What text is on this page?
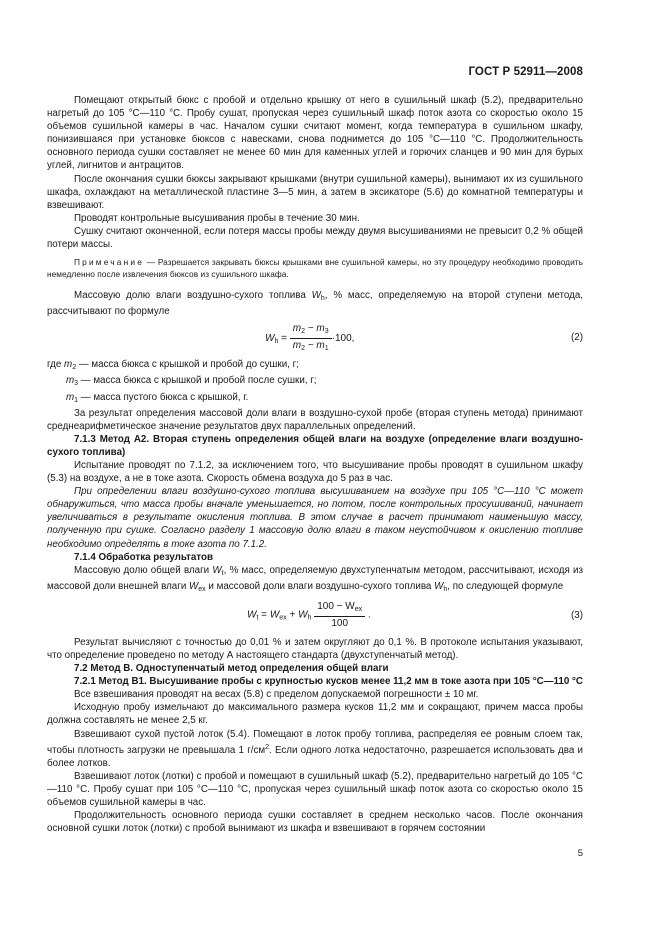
ГОСТ Р 52911—2008

Помещают открытый бюкс с пробой и отдельно крышку от него в сушильный шкаф (5.2), предварительно нагретый до 105 °C—110 °C. Пробу сушат, пропуская через сушильный шкаф поток азота со скоростью около 15 объемов сушильной камеры в час. Началом сушки считают момент, когда температура в сушильном шкафу, понизившаяся при установке бюксов с навесками, снова поднимется до 105 °C—110 °C. Продолжительность основного периода сушки составляет не менее 60 мин для каменных углей и горючих сланцев и 90 мин для бурых углей, лигнитов и антрацитов.

После окончания сушки бюксы закрывают крышками (внутри сушильной камеры), вынимают их из сушильного шкафа, охлаждают на металлической пластине 3—5 мин, а затем в эксикаторе (5.6) до комнатной температуры и взвешивают.

Проводят контрольные высушивания пробы в течение 30 мин.

Сушку считают оконченной, если потеря массы пробы между двумя высушиваниями не превысит 0,2 % общей потери массы.

Примечание — Разрешается закрывать бюксы крышками вне сушильной камеры, но эту процедуру необходимо проводить немедленно после извлечения бюксов из сушильного шкафа.

Массовую долю влаги воздушно-сухого топлива $W_h$, % масс, определяемую на второй ступени метода, рассчитывают по формуле

$W_h = \frac{m_2 - m_3}{m_2 - m_1} \cdot 100$,	(2)
где $m_2$ — масса бюкса с крышкой и пробой до сушки, г;
$m_3$ — масса бюкса с крышкой и пробой после сушки, г;
$m_1$ — масса пустого бюкса с крышкой, г.

За результат определения массовой доли влаги в воздушно-сухой пробе (вторая ступень метода) принимают среднеарифметическое значение результатов двух параллельных определений.

7.1.3 Метод А2. Вторая ступень определения общей влаги на воздухе (определение влаги воздушно-сухого топлива)

Испытание проводят по 7.1.2, за исключением того, что высушивание пробы проводят в сушильном шкафу (5.3) на воздухе, а не в токе азота. Скорость обмена воздуха до 5 раз в час.

При определении влаги воздушно-сухого топлива высушиванием на воздухе при 105 °C—110 °C может обнаружиться, что масса пробы вначале уменьшается, но потом, после контрольных просушиваний, начинает увеличиваться в результате окисления топлива. В этом случае в расчет принимают наименьшую массу, полученную при сушке. Согласно разделу 1 массовую долю влаги в таком неустойчивом к окислению топливе необходимо определять в токе азота по 7.1.2.

7.1.4 Обработка результатов

Массовую долю общей влаги $W_t$, % масс, определяемую двухступенчатым методом, рассчитывают, исходя из массовой доли внешней влаги $W_{ex}$ и массовой доли влаги воздушно-сухого топлива $W_h$, по следующей формуле

$W_t = W_{ex} + W_h \frac{100 - W_{ex}}{100}$ .	(3)

Результат вычисляют с точностью до 0,01 % и затем округляют до 0,1 %. В протоколе испытания указывают, что определение проведено по методу А настоящего стандарта (двухступенчатый метод).

7.2 Метод В. Одноступенчатый метод определения общей влаги

7.2.1 Метод В1. Высушивание пробы с крупностью кусков менее 11,2 мм в токе азота при 105 °С—110 °С

Все взвешивания проводят на весах (5.8) с пределом допускаемой погрешности ± 10 мг.

Исходную пробу измельчают до максимального размера кусков 11,2 мм и сокращают, причем масса пробы должна составлять не менее 2,5 кг.

Взвешивают сухой пустой лоток (5.4). Помещают в лоток пробу топлива, распределяя ее ровным слоем так, чтобы плотность загрузки не превышала 1 $г/см^2$. Если одного лотка недостаточно, разрешается использовать два и более лотков.

Взвешивают лоток (лотки) с пробой и помещают в сушильный шкаф (5.2), предварительно нагретый до 105 °C—110 °C. Пробу сушат при 105 °C—110 °C, пропуская через сушильный шкаф поток азота со скоростью около 15 объемов сушильной камеры в час.

Продолжительность основного периода сушки составляет в среднем несколько часов. После окончания основной сушки лоток (лотки) с пробой вынимают из шкафа и взвешивают в горячем состоянии

5
